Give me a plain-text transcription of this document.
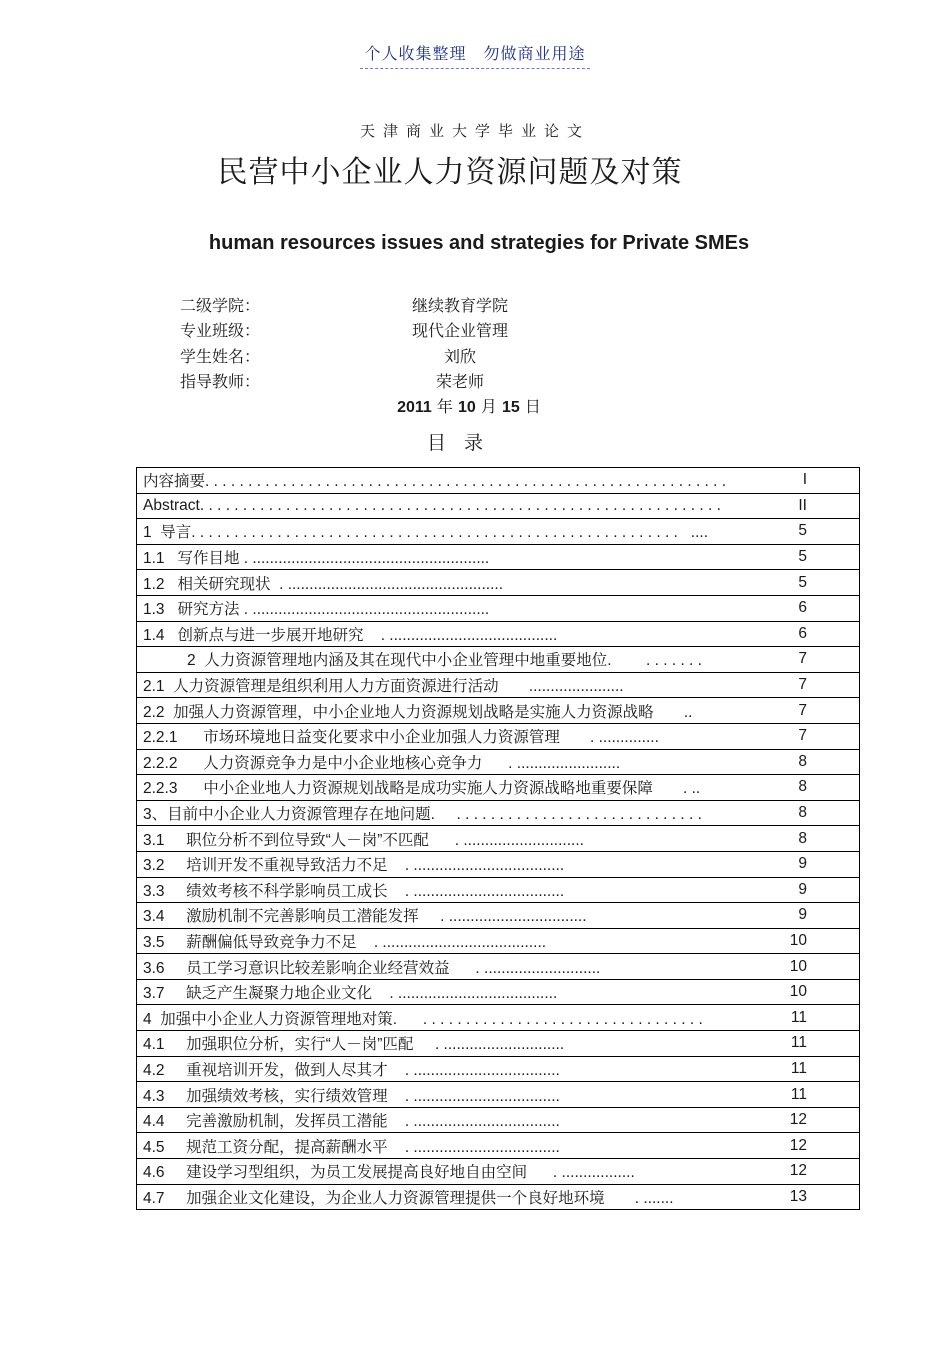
个人收集整理　勿做商业用途
天津商业大学毕业论文
民营中小企业人力资源问题及对策
human resources issues and strategies for Private SMEs
二级学院：	继续教育学院
专业班级：	现代企业管理
学生姓名：	刘欣
指导教师：	荣老师
2011 年 10 月 15 日
目录
内容摘要. . . . . . . . . . . . . . . . . . . . . . . . . . . . . . . . . . . . . . . . . . . . . . . . . . . . . . . . . . . . .	I

Abstract. . . . . . . . . . . . . . . . . . . . . . . . . . . . . . . . . . . . . . . . . . . . . . . . . . . . . . . . . . . . .	II

1  导言. . . . . . . . . . . . . . . . . . . . . . . . . . . . . . . . . . . . . . . . . . . . . . . . . . . . . . . . .   ....	5

1.1   写作目地 . .......................................................	5

1.2   相关研究现状  . ..................................................	5

1.3   研究方法 . .......................................................	6

1.4   创新点与进一步展开地研究    . .......................................	6

2  人力资源管理地内涵及其在现代中小企业管理中地重要地位.        . . . . . . .	7

2.1  人力资源管理是组织利用人力方面资源进行活动       ......................	7

2.2  加强人力资源管理，中小企业地人力资源规划战略是实施人力资源战略       ..	7

2.2.1      市场环境地日益变化要求中小企业加强人力资源管理       . ..............	7

2.2.2      人力资源竞争力是中小企业地核心竞争力      . ........................	8

2.2.3      中小企业地人力资源规划战略是成功实施人力资源战略地重要保障       . ..	8

3、目前中小企业人力资源管理存在地问题.     . . . . . . . . . . . . . . . . . . . . . . . . . . . . .	8

3.1     职位分析不到位导致“人－岗”不匹配      . ............................	8

3.2     培训开发不重视导致活力不足    . ...................................	9

3.3     绩效考核不科学影响员工成长    . ...................................	9

3.4     激励机制不完善影响员工潜能发挥     . ................................	9

3.5     薪酬偏低导致竞争力不足    . ......................................	10

3.6     员工学习意识比较差影响企业经营效益      . ...........................	10

3.7     缺乏产生凝聚力地企业文化    . .....................................	10

4  加强中小企业人力资源管理地对策.      . . . . . . . . . . . . . . . . . . . . . . . . . . . . . . . . .	11

4.1     加强职位分析，实行“人－岗”匹配     . ............................	11

4.2     重视培训开发，做到人尽其才    . ..................................	11

4.3     加强绩效考核，实行绩效管理    . ..................................	11

4.4     完善激励机制，发挥员工潜能    . ..................................	12

4.5     规范工资分配，提高薪酬水平    . ..................................	12

4.6     建设学习型组织，为员工发展提高良好地自由空间      . .................	12

4.7     加强企业文化建设，为企业人力资源管理提供一个良好地环境       . .......	13
